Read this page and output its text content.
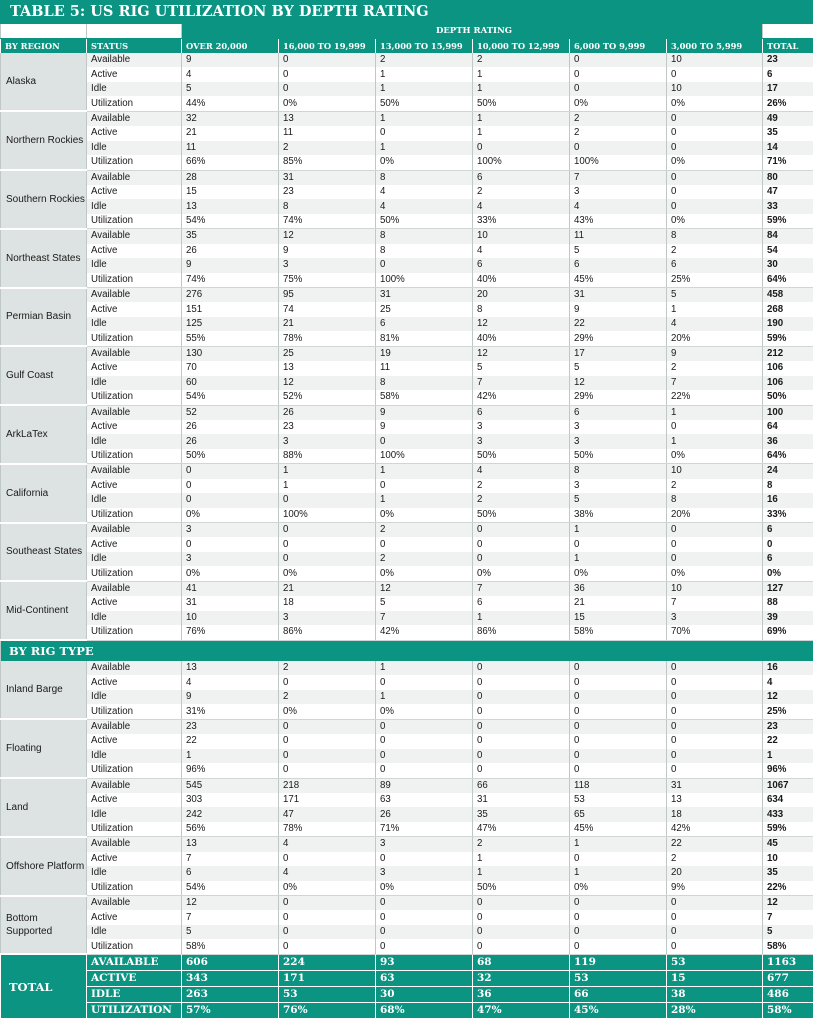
TABLE 5: US RIG UTILIZATION BY DEPTH RATING
		DEPTH RATING						
BY REGION	STATUS	OVER 20,000	16,000 TO 19,999	13,000 TO 15,999	10,000 TO 12,999	6,000 TO 9,999	3,000 TO 5,999	TOTAL
Alaska	Available	9	0	2	2	0	10	23
	Active	4	0	1	1	0	0	6
	Idle	5	0	1	1	0	10	17
	Utilization	44%	0%	50%	50%	0%	0%	26%
Northern Rockies	Available	32	13	1	1	2	0	49
	Active	21	11	0	1	2	0	35
	Idle	11	2	1	0	0	0	14
	Utilization	66%	85%	0%	100%	100%	0%	71%
Southern Rockies	Available	28	31	8	6	7	0	80
	Active	15	23	4	2	3	0	47
	Idle	13	8	4	4	4	0	33
	Utilization	54%	74%	50%	33%	43%	0%	59%
Northeast States	Available	35	12	8	10	11	8	84
	Active	26	9	8	4	5	2	54
	Idle	9	3	0	6	6	6	30
	Utilization	74%	75%	100%	40%	45%	25%	64%
Permian Basin	Available	276	95	31	20	31	5	458
	Active	151	74	25	8	9	1	268
	Idle	125	21	6	12	22	4	190
	Utilization	55%	78%	81%	40%	29%	20%	59%
Gulf Coast	Available	130	25	19	12	17	9	212
	Active	70	13	11	5	5	2	106
	Idle	60	12	8	7	12	7	106
	Utilization	54%	52%	58%	42%	29%	22%	50%
ArkLaTex	Available	52	26	9	6	6	1	100
	Active	26	23	9	3	3	0	64
	Idle	26	3	0	3	3	1	36
	Utilization	50%	88%	100%	50%	50%	0%	64%
California	Available	0	1	1	4	8	10	24
	Active	0	1	0	2	3	2	8
	Idle	0	0	1	2	5	8	16
	Utilization	0%	100%	0%	50%	38%	20%	33%
Southeast States	Available	3	0	2	0	1	0	6
	Active	0	0	0	0	0	0	0
	Idle	3	0	2	0	1	0	6
	Utilization	0%	0%	0%	0%	0%	0%	0%
Mid-Continent	Available	41	21	12	7	36	10	127
	Active	31	18	5	6	21	7	88
	Idle	10	3	7	1	15	3	39
	Utilization	76%	86%	42%	86%	58%	70%	69%
BY RIG TYPE								
Inland Barge	Available	13	2	1	0	0	0	16
	Active	4	0	0	0	0	0	4
	Idle	9	2	1	0	0	0	12
	Utilization	31%	0%	0%	0	0	0	25%
Floating	Available	23	0	0	0	0	0	23
	Active	22	0	0	0	0	0	22
	Idle	1	0	0	0	0	0	1
	Utilization	96%	0	0	0	0	0	96%
Land	Available	545	218	89	66	118	31	1067
	Active	303	171	63	31	53	13	634
	Idle	242	47	26	35	65	18	433
	Utilization	56%	78%	71%	47%	45%	42%	59%
Offshore Platform	Available	13	4	3	2	1	22	45
	Active	7	0	0	1	0	2	10
	Idle	6	4	3	1	1	20	35
	Utilization	54%	0%	0%	50%	0%	9%	22%
Bottom Supported	Available	12	0	0	0	0	0	12
	Active	7	0	0	0	0	0	7
	Idle	5	0	0	0	0	0	5
	Utilization	58%	0	0	0	0	0	58%
TOTAL	AVAILABLE	606	224	93	68	119	53	1163
	ACTIVE	343	171	63	32	53	15	677
	IDLE	263	53	30	36	66	38	486
	UTILIZATION	57%	76%	68%	47%	45%	28%	58%
